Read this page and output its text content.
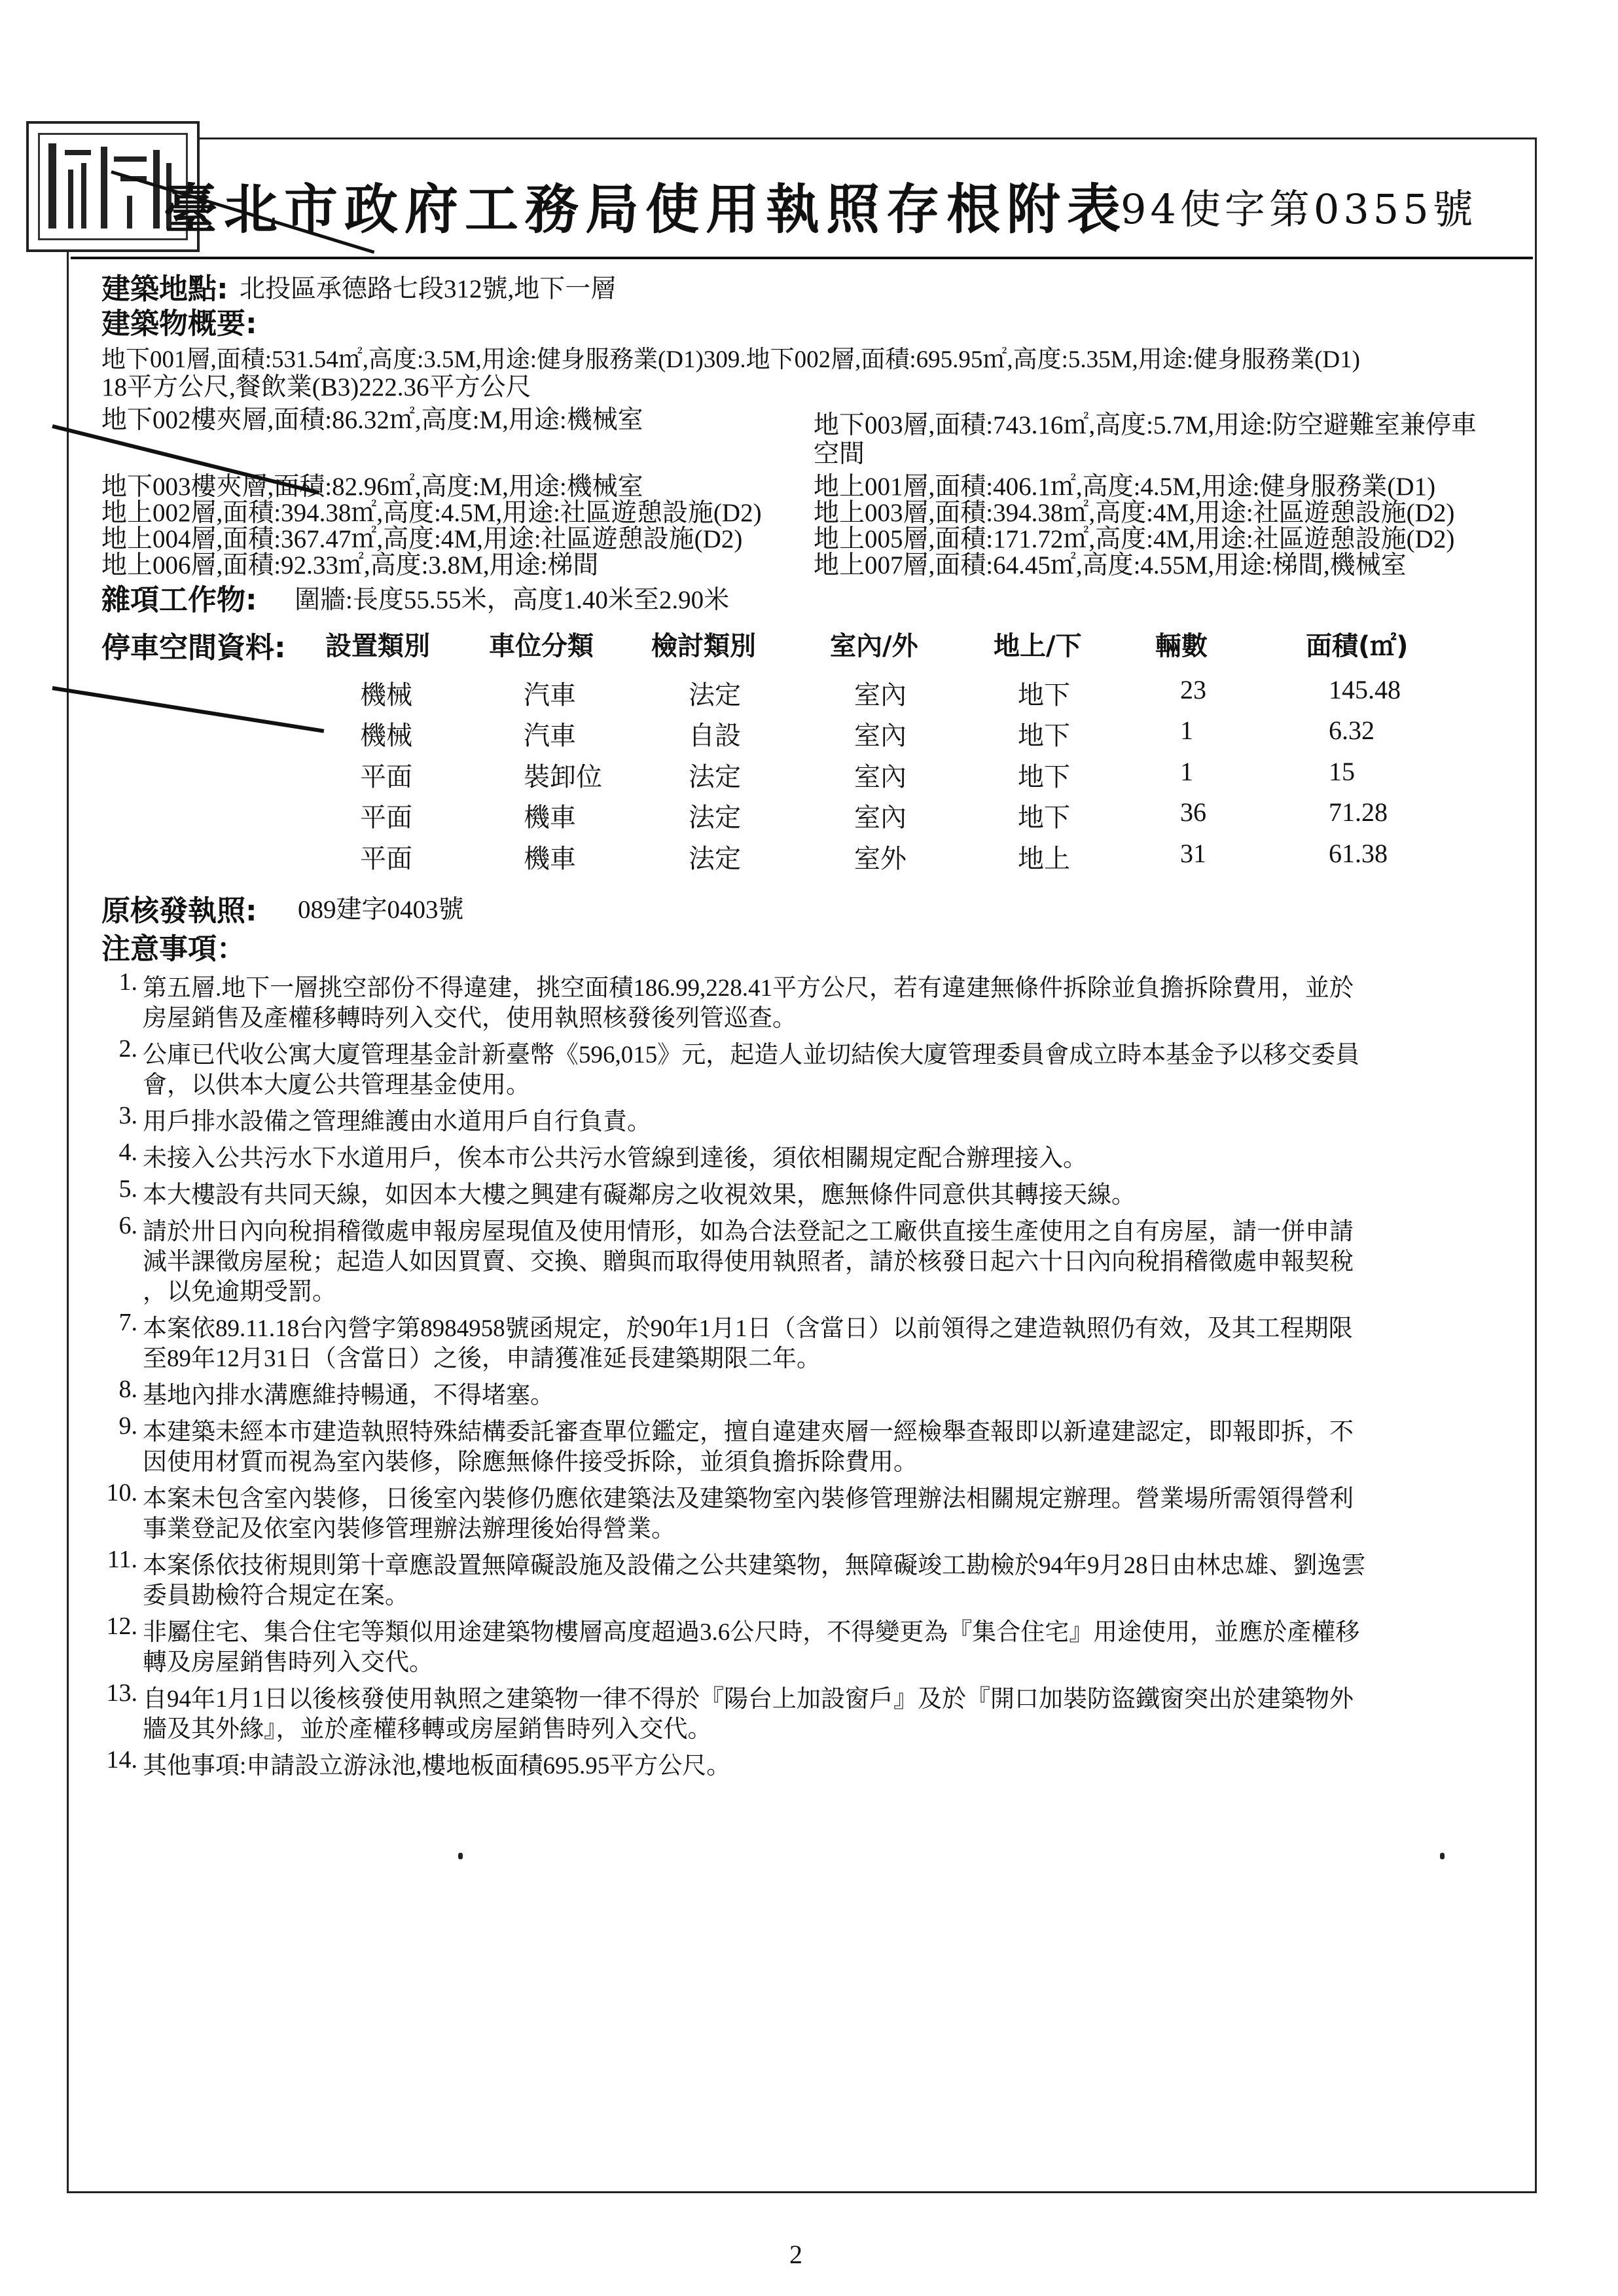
臺北市政府工務局使用執照存根附表
94使字第0355號
建築地點: 北投區承德路七段312號,地下一層
建築物概要:
地下001層,面積:531.54㎡,高度:3.5M,用途:健身服務業(D1)309.地下002層,面積:695.95㎡,高度:5.35M,用途:健身服務業(D1)
18平方公尺,餐飲業(B3)222.36平方公尺
地下002樓夾層,面積:86.32㎡,高度:M,用途:機械室
地下003樓夾層,面積:82.96㎡,高度:M,用途:機械室
地上002層,面積:394.38㎡,高度:4.5M,用途:社區遊憩設施(D2)
地上004層,面積:367.47㎡,高度:4M,用途:社區遊憩設施(D2)
地上006層,面積:92.33㎡,高度:3.8M,用途:梯間
地下003層,面積:743.16㎡,高度:5.7M,用途:防空避難室兼停車
空間
地上001層,面積:406.1㎡,高度:4.5M,用途:健身服務業(D1)
地上003層,面積:394.38㎡,高度:4M,用途:社區遊憩設施(D2)
地上005層,面積:171.72㎡,高度:4M,用途:社區遊憩設施(D2)
地上007層,面積:64.45㎡,高度:4.55M,用途:梯間,機械室
雜項工作物: 圍牆:長度55.55米，高度1.40米至2.90米
停車空間資料: 設置類別 車位分類 檢討類別	室內/外	地上/下	輛數	面積(㎡)
機械	汽車	法定	室內	地下	23	145.48
機械	汽車	自設	室內	地下	1	6.32
平面	裝卸位	法定	室內	地下	1	15
平面	機車	法定	室內	地下	36	71.28
平面	機車	法定	室外	地上	31	61.38
原核發執照: 089建字0403號
注意事項：
1. 第五層.地下一層挑空部份不得違建，挑空面積186.99,228.41平方公尺，若有違建無條件拆除並負擔拆除費用，並於
房屋銷售及產權移轉時列入交代，使用執照核發後列管巡查。
2. 公庫已代收公寓大廈管理基金計新臺幣《596,015》元，起造人並切結俟大廈管理委員會成立時本基金予以移交委員
會，以供本大廈公共管理基金使用。
3. 用戶排水設備之管理維護由水道用戶自行負責。
4. 未接入公共污水下水道用戶，俟本市公共污水管線到達後，須依相關規定配合辦理接入。
5. 本大樓設有共同天線，如因本大樓之興建有礙鄰房之收視效果，應無條件同意供其轉接天線。
6. 請於卅日內向稅捐稽徵處申報房屋現值及使用情形，如為合法登記之工廠供直接生產使用之自有房屋，請一併申請
減半課徵房屋稅；起造人如因買賣、交換、贈與而取得使用執照者，請於核發日起六十日內向稅捐稽徵處申報契稅
，以免逾期受罰。
7. 本案依89.11.18台內營字第8984958號函規定，於90年1月1日（含當日）以前領得之建造執照仍有效，及其工程期限
至89年12月31日（含當日）之後，申請獲准延長建築期限二年。
8. 基地內排水溝應維持暢通，不得堵塞。
9. 本建築未經本市建造執照特殊結構委託審查單位鑑定，擅自違建夾層一經檢舉查報即以新違建認定，即報即拆，不
因使用材質而視為室內裝修，除應無條件接受拆除，並須負擔拆除費用。
10. 本案未包含室內裝修，日後室內裝修仍應依建築法及建築物室內裝修管理辦法相關規定辦理。營業場所需領得營利
事業登記及依室內裝修管理辦法辦理後始得營業。
11. 本案係依技術規則第十章應設置無障礙設施及設備之公共建築物，無障礙竣工勘檢於94年9月28日由林忠雄、劉逸雲
委員勘檢符合規定在案。
12. 非屬住宅、集合住宅等類似用途建築物樓層高度超過3.6公尺時，不得變更為『集合住宅』用途使用，並應於產權移
轉及房屋銷售時列入交代。
13. 自94年1月1日以後核發使用執照之建築物一律不得於『陽台上加設窗戶』及於『開口加裝防盜鐵窗突出於建築物外
牆及其外緣』，並於產權移轉或房屋銷售時列入交代。
14. 其他事項:申請設立游泳池,樓地板面積695.95平方公尺。
2
